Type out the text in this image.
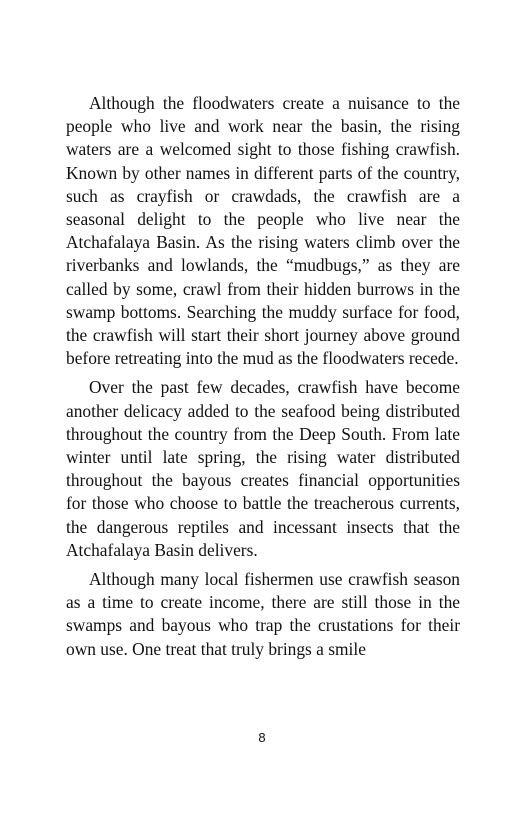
Although the floodwaters create a nuisance to the people who live and work near the basin, the rising waters are a welcomed sight to those fishing crawfish. Known by other names in different parts of the country, such as crayfish or crawdads, the crawfish are a seasonal delight to the people who live near the Atchafalaya Basin. As the rising waters climb over the riverbanks and lowlands, the “mudbugs,” as they are called by some, crawl from their hidden burrows in the swamp bottoms. Searching the muddy surface for food, the crawfish will start their short journey above ground before retreating into the mud as the floodwaters recede.

Over the past few decades, crawfish have become another delicacy added to the seafood being distributed throughout the country from the Deep South. From late winter until late spring, the rising water distributed throughout the bayous creates financial opportunities for those who choose to battle the treacherous currents, the dangerous reptiles and incessant insects that the Atchafalaya Basin delivers.

Although many local fishermen use crawfish season as a time to create income, there are still those in the swamps and bayous who trap the crustations for their own use. One treat that truly brings a smile

8
